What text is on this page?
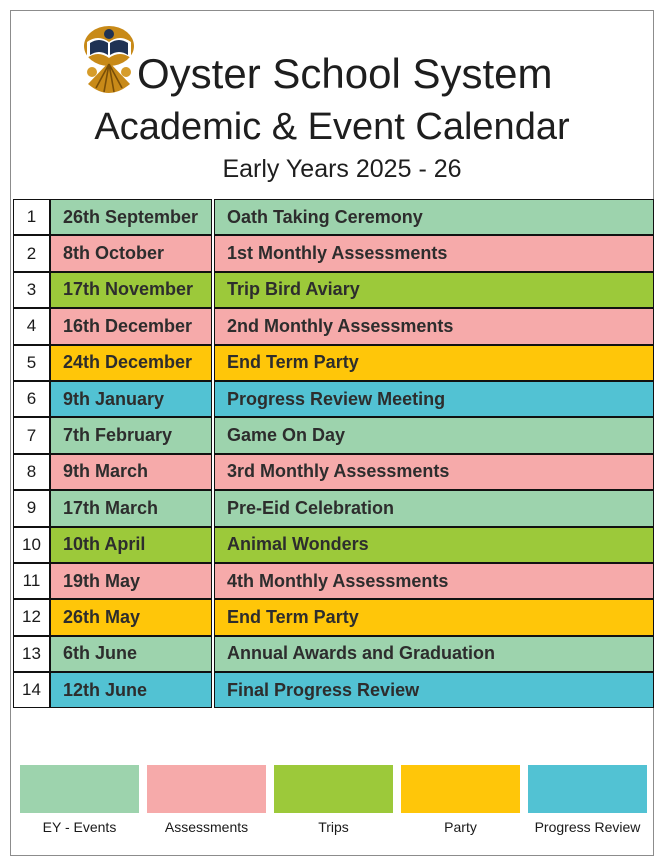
Oyster School System
Academic & Event Calendar
Early Years 2025 - 26
1	26th September	Oath Taking Ceremony
2	8th October	1st Monthly Assessments
3	17th November	Trip Bird Aviary
4	16th December	2nd Monthly Assessments
5	24th December	End Term Party
6	9th January	Progress Review Meeting
7	7th February	Game On Day
8	9th March	3rd Monthly Assessments
9	17th March	Pre-Eid Celebration
10	10th April	Animal Wonders
11	19th May	4th Monthly Assessments
12	26th May	End Term Party
13	6th June	Annual Awards and Graduation
14	12th June	Final Progress Review
EY - Events	Assessments	Trips	Party	Progress Review
